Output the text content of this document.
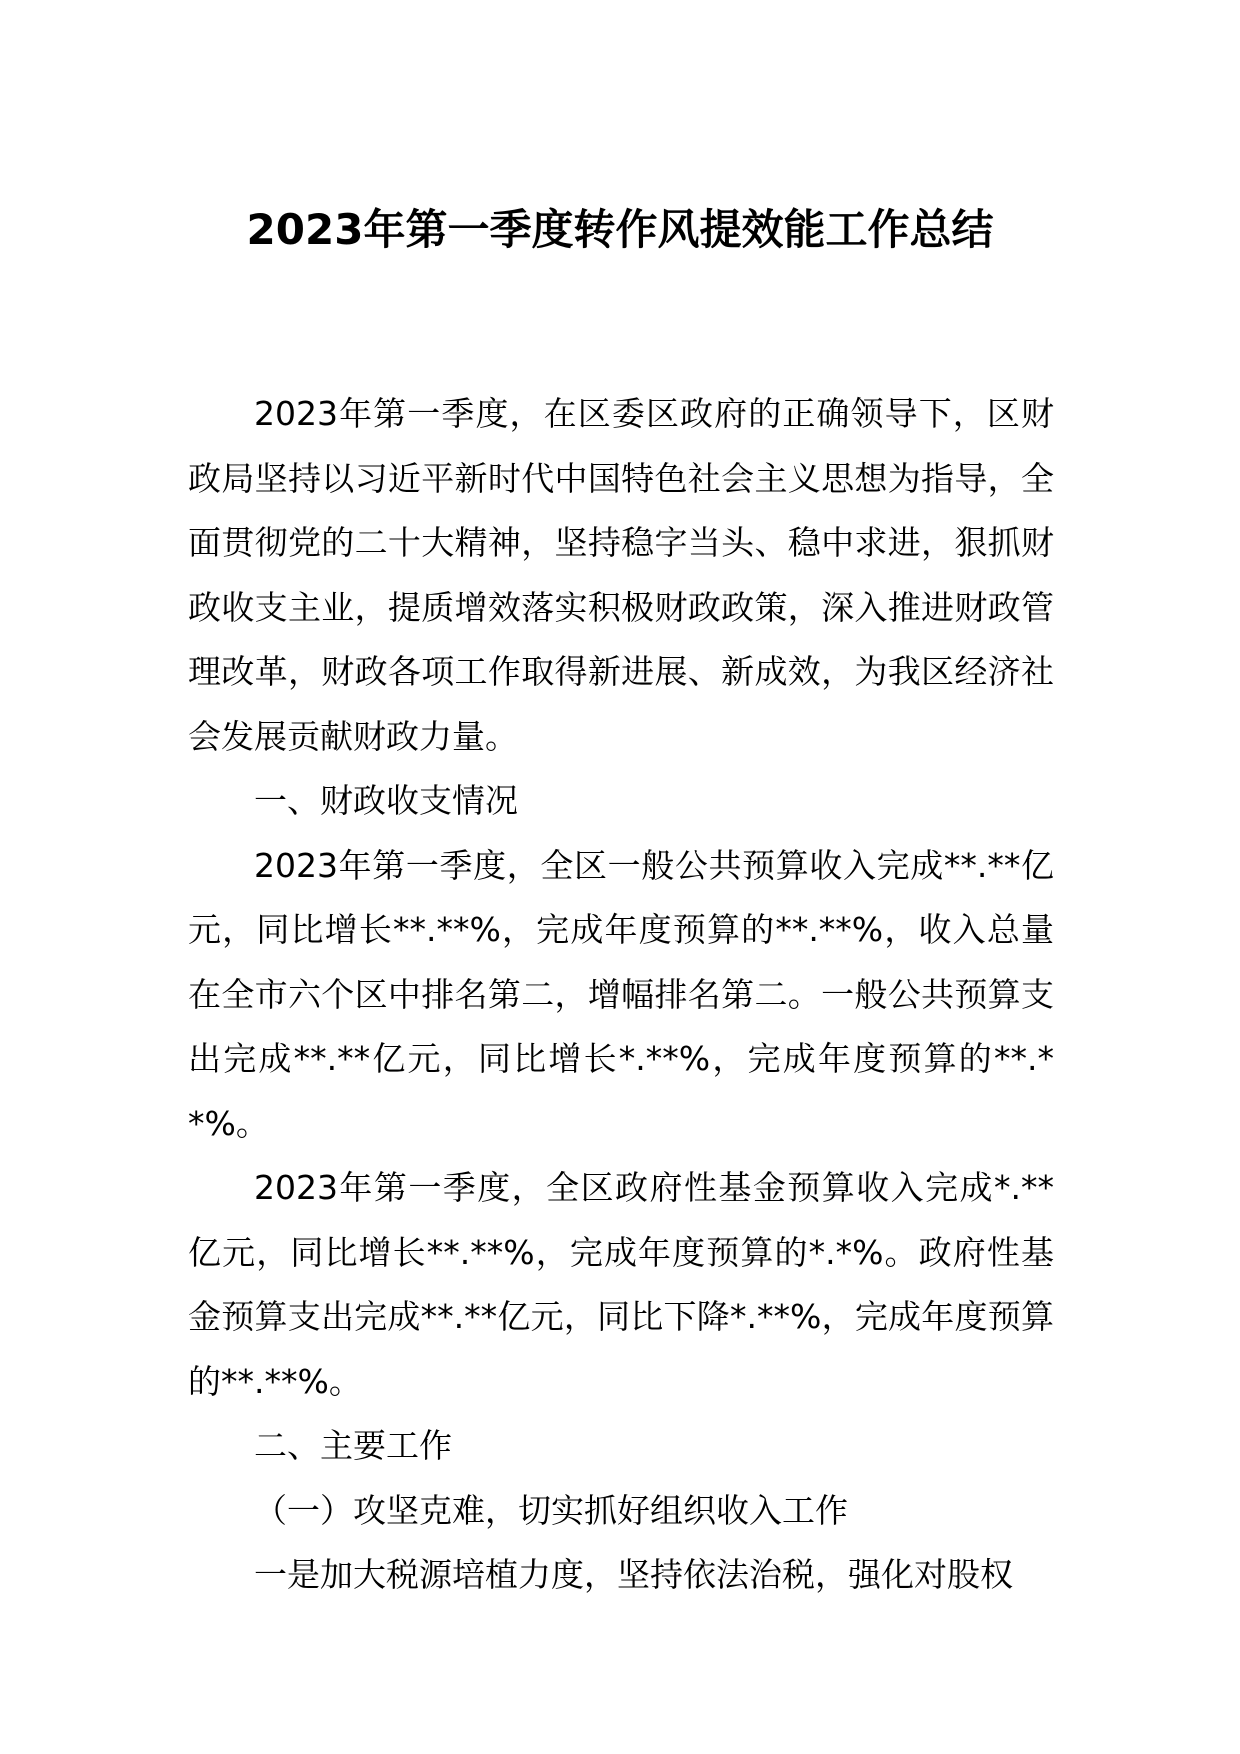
2023年第一季度转作风提效能工作总结

2023年第一季度，在区委区政府的正确领导下，区财政局坚持以习近平新时代中国特色社会主义思想为指导，全面贯彻党的二十大精神，坚持稳字当头、稳中求进，狠抓财政收支主业，提质增效落实积极财政政策，深入推进财政管理改革，财政各项工作取得新进展、新成效，为我区经济社会发展贡献财政力量。

一、财政收支情况

2023年第一季度，全区一般公共预算收入完成**.**亿元，同比增长**.**%，完成年度预算的**.**%，收入总量在全市六个区中排名第二，增幅排名第二。一般公共预算支出完成**.**亿元，同比增长*.**%，完成年度预算的**.**%。

2023年第一季度，全区政府性基金预算收入完成*.**亿元，同比增长**.**%，完成年度预算的*.*%。政府性基金预算支出完成**.**亿元，同比下降*.**%，完成年度预算的**.**%。

二、主要工作

（一）攻坚克难，切实抓好组织收入工作

一是加大税源培植力度，坚持依法治税，强化对股权
